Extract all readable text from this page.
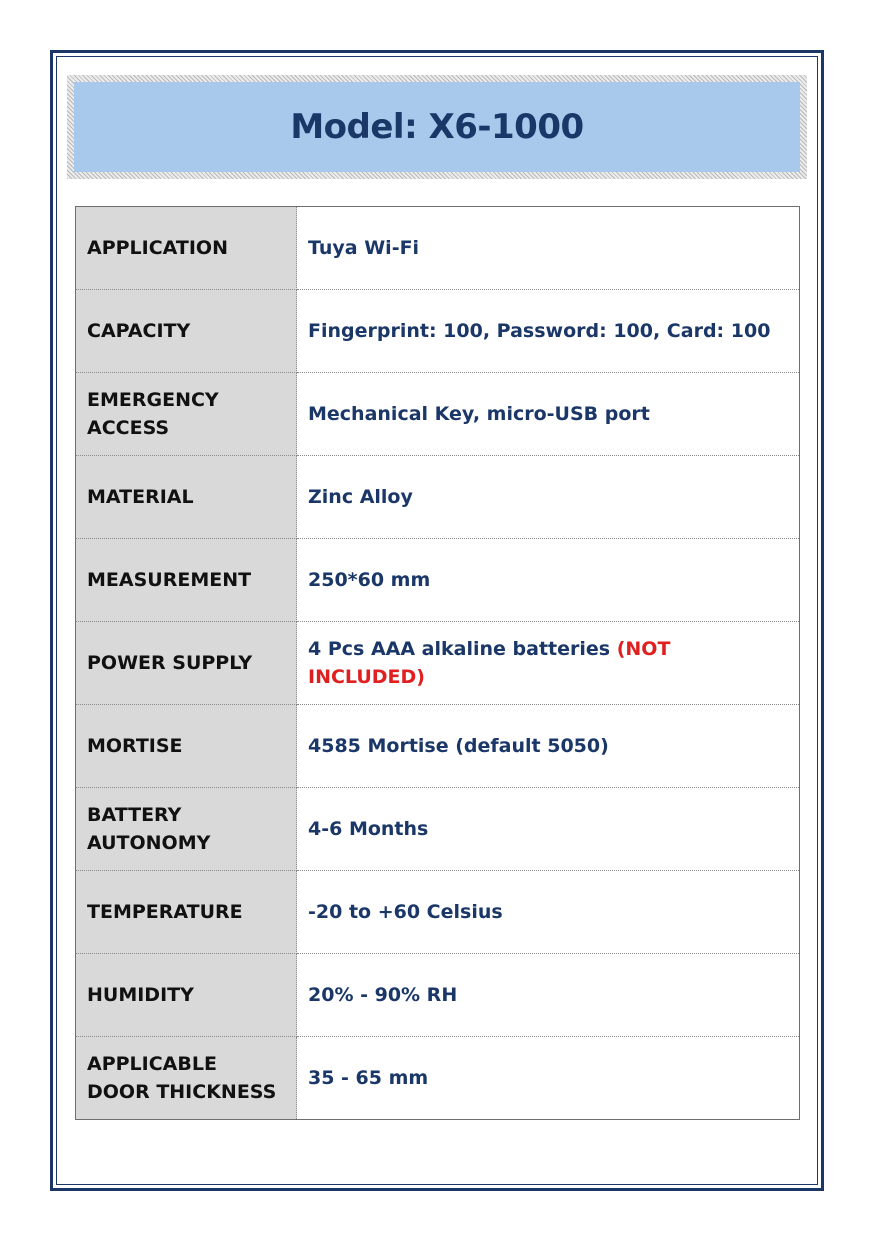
Model: X6-1000
APPLICATION	Tuya Wi-Fi
CAPACITY	Fingerprint: 100, Password: 100, Card: 100
EMERGENCY
ACCESS	Mechanical Key, micro-USB port
MATERIAL	Zinc Alloy
MEASUREMENT	250*60 mm
POWER SUPPLY	4 Pcs AAA alkaline batteries (NOT INCLUDED)
MORTISE	4585 Mortise (default 5050)
BATTERY
AUTONOMY	4-6 Months
TEMPERATURE	-20 to +60 Celsius
HUMIDITY	20% - 90% RH
APPLICABLE
DOOR THICKNESS	35 - 65 mm
